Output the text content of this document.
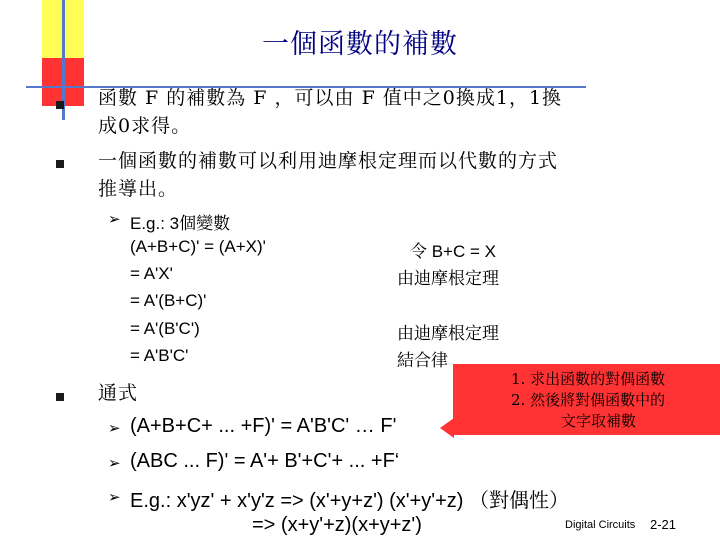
一個函數的補數
函數 F 的補數為 F ，可以由 F 值中之0換成1，1換
成0求得。
一個函數的補數可以利用迪摩根定理而以代數的方式
推導出。
➢ E.g.: 3個變數
(A+B+C)' = (A+X)'
= A'X'
= A'(B+C)'
= A'(B'C')
= A'B'C'
令 B+C = X
由迪摩根定理
由迪摩根定理
結合律
1. 求出函數的對偶函數
2. 然後將對偶函數中的
文字取補數
通式
➢ (A+B+C+ ... +F)' = A'B'C' … F'
➢ (ABC ... F)' = A'+ B'+C'+ ... +F‘
➢ E.g.: x'yz' + x'y'z => (x'+y+z') (x'+y'+z) （對偶性）
=> (x+y'+z)(x+y+z')	Digital Circuits 2-21
